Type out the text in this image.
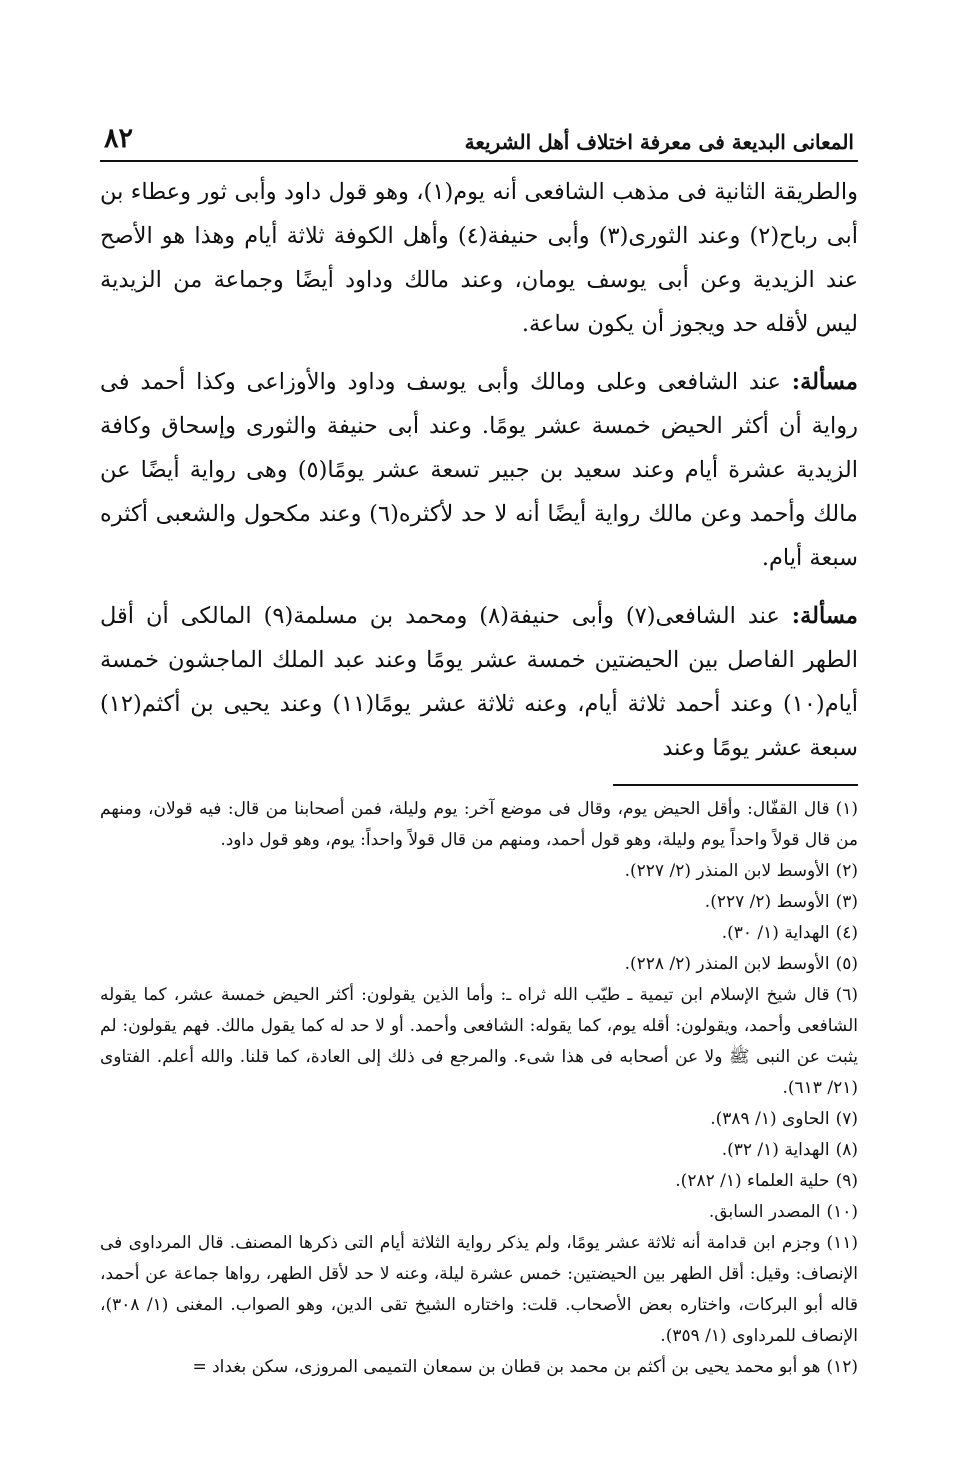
المعانى البديعة فى معرفة اختلاف أهل الشريعة
٨٢

والطريقة الثانية فى مذهب الشافعى أنه يوم(١)، وهو قول داود وأبى ثور وعطاء بن أبى رباح(٢) وعند الثورى(٣) وأبى حنيفة(٤) وأهل الكوفة ثلاثة أيام وهذا هو الأصح عند الزيدية وعن أبى يوسف يومان، وعند مالك وداود أيضًا وجماعة من الزيدية ليس لأقله حد ويجوز أن يكون ساعة.

مسألة: عند الشافعى وعلى ومالك وأبى يوسف وداود والأوزاعى وكذا أحمد فى رواية أن أكثر الحيض خمسة عشر يومًا. وعند أبى حنيفة والثورى وإسحاق وكافة الزيدية عشرة أيام وعند سعيد بن جبير تسعة عشر يومًا(٥) وهى رواية أيضًا عن مالك وأحمد وعن مالك رواية أيضًا أنه لا حد لأكثره(٦) وعند مكحول والشعبى أكثره سبعة أيام.

مسألة: عند الشافعى(٧) وأبى حنيفة(٨) ومحمد بن مسلمة(٩) المالكى أن أقل الطهر الفاصل بين الحيضتين خمسة عشر يومًا وعند عبد الملك الماجشون خمسة أيام(١٠) وعند أحمد ثلاثة أيام، وعنه ثلاثة عشر يومًا(١١) وعند يحيى بن أكثم(١٢) سبعة عشر يومًا وعند

(١)قال القفّال: وأقل الحيض يوم، وقال فى موضع آخر: يوم وليلة، فمن أصحابنا من قال: فيه قولان، ومنهم من قال قولاً واحداً يوم وليلة، وهو قول أحمد، ومنهم من قال قولاً واحداً: يوم، وهو قول داود.

(٢)الأوسط لابن المنذر (٢/ ٢٢٧).

(٣)الأوسط (٢/ ٢٢٧).

(٤)الهداية (١/ ٣٠).

(٥)الأوسط لابن المنذر (٢/ ٢٢٨).

(٦)قال شيخ الإسلام ابن تيمية ـ طيّب الله ثراه ـ: وأما الذين يقولون: أكثر الحيض خمسة عشر، كما يقوله الشافعى وأحمد، ويقولون: أقله يوم، كما يقوله: الشافعى وأحمد. أو لا حد له كما يقول مالك. فهم يقولون: لم يثبت عن النبى ﷺ ولا عن أصحابه فى هذا شىء. والمرجع فى ذلك إلى العادة، كما قلنا. والله أعلم. الفتاوى (٢١/ ٦١٣).

(٧)الحاوى (١/ ٣٨٩).

(٨)الهداية (١/ ٣٢).

(٩)حلية العلماء (١/ ٢٨٢).

(١٠)المصدر السابق.

(١١)وجزم ابن قدامة أنه ثلاثة عشر يومًا، ولم يذكر رواية الثلاثة أيام التى ذكرها المصنف. قال المرداوى فى الإنصاف: وقيل: أقل الطهر بين الحيضتين: خمس عشرة ليلة، وعنه لا حد لأقل الطهر، رواها جماعة عن أحمد، قاله أبو البركات، واختاره بعض الأصحاب. قلت: واختاره الشيخ تقى الدين، وهو الصواب. المغنى (١/ ٣٠٨)، الإنصاف للمرداوى (١/ ٣٥٩).

(١٢)هو أبو محمد يحيى بن أكثم بن محمد بن قطان بن سمعان التميمى المروزى، سكن بغداد =
